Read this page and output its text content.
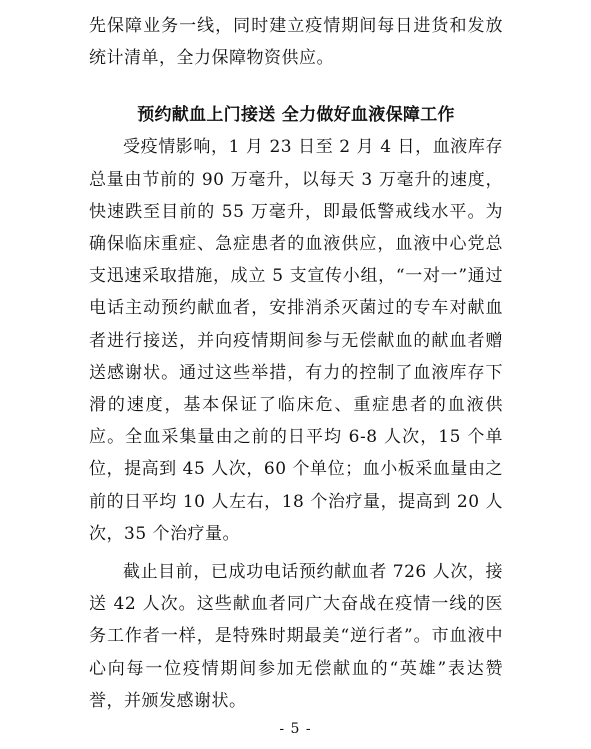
先保障业务一线，同时建立疫情期间每日进货和发放统计清单，全力保障物资供应。

预约献血上门接送 全力做好血液保障工作

受疫情影响，1 月 23 日至 2 月 4 日，血液库存总量由节前的 90 万毫升，以每天 3 万毫升的速度，快速跌至目前的 55 万毫升，即最低警戒线水平。为确保临床重症、急症患者的血液供应，血液中心党总支迅速采取措施，成立 5 支宣传小组，“一对一”通过电话主动预约献血者，安排消杀灭菌过的专车对献血者进行接送，并向疫情期间参与无偿献血的献血者赠送感谢状。通过这些举措，有力的控制了血液库存下滑的速度，基本保证了临床危、重症患者的血液供应。全血采集量由之前的日平均 6-8 人次，15 个单位，提高到 45 人次，60 个单位；血小板采血量由之前的日平均 10 人左右，18 个治疗量，提高到 20 人次，35 个治疗量。

截止目前，已成功电话预约献血者 726 人次，接送 42 人次。这些献血者同广大奋战在疫情一线的医务工作者一样，是特殊时期最美“逆行者”。市血液中心向每一位疫情期间参加无偿献血的“英雄”表达赞誉，并颁发感谢状。

- 5 -
